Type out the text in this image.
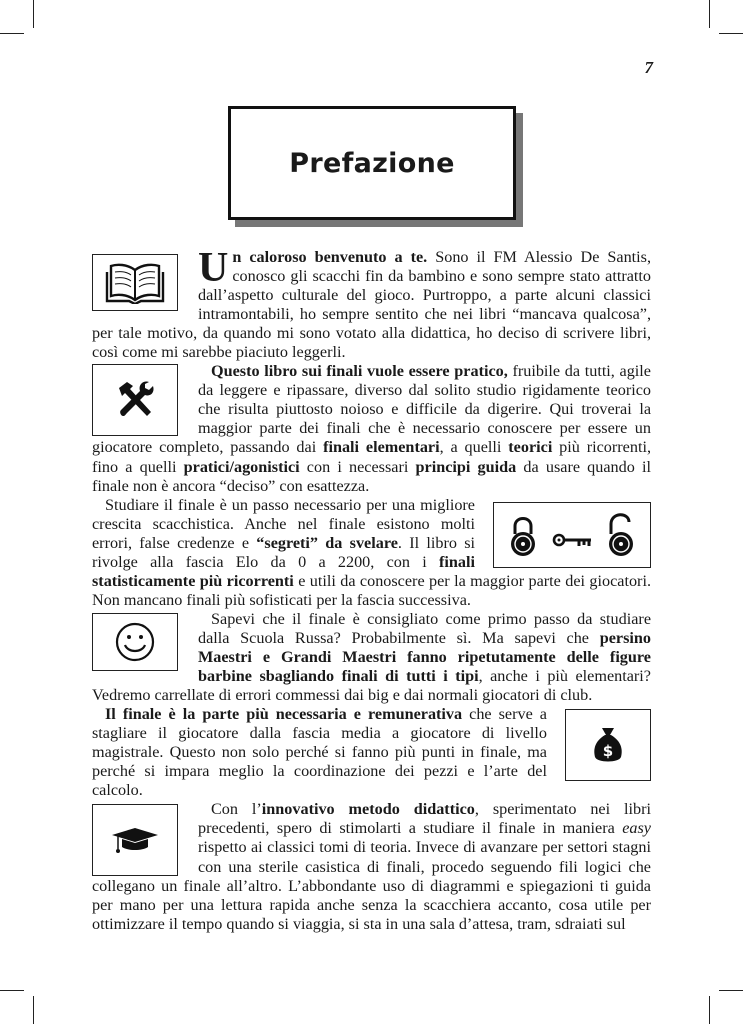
7
Prefazione

Un caloroso benvenuto a te. Sono il FM Alessio De Santis, conosco gli scacchi fin da bambino e sono sempre stato attratto dall’aspetto culturale del gioco. Purtroppo, a parte alcuni classici intramontabili, ho sempre sentito che nei libri “mancava qualcosa”, per tale motivo, da quando mi sono votato alla didattica, ho deciso di scrivere libri, così come mi sarebbe piaciuto leggerli.

Questo libro sui finali vuole essere pratico, fruibile da tutti, agile da leggere e ripassare, diverso dal solito studio rigidamente teorico che risulta piuttosto noioso e difficile da digerire. Qui troverai la maggior parte dei finali che è necessario conoscere per essere un giocatore completo, passando dai finali elementari, a quelli teorici più ricorrenti, fino a quelli pratici/agonistici con i necessari principi guida da usare quando il finale non è ancora “deciso” con esattezza.

Studiare il finale è un passo necessario per una migliore crescita scacchistica. Anche nel finale esistono molti errori, false credenze e “segreti” da svelare. Il libro si rivolge alla fascia Elo da 0 a 2200, con i finali statisticamente più ricorrenti e utili da conoscere per la maggior parte dei giocatori. Non mancano finali più sofisticati per la fascia successiva.

Sapevi che il finale è consigliato come primo passo da studiare dalla Scuola Russa? Probabilmente sì. Ma sapevi che persino Maestri e Grandi Maestri fanno ripetutamente delle figure barbine sbagliando finali di tutti i tipi, anche i più elementari? Vedremo carrellate di errori commessi dai big e dai normali giocatori di club.

$

Il finale è la parte più necessaria e remunerativa che serve a stagliare il giocatore dalla fascia media a giocatore di livello magistrale. Questo non solo perché si fanno più punti in finale, ma perché si impara meglio la coordinazione dei pezzi e l’arte del calcolo.

Con l’innovativo metodo didattico, sperimentato nei libri precedenti, spero di stimolarti a studiare il finale in maniera easy rispetto ai classici tomi di teoria. Invece di avanzare per settori stagni con una sterile casistica di finali, procedo seguendo fili logici che collegano un finale all’altro. L’abbondante uso di diagrammi e spiegazioni ti guida per mano per una lettura rapida anche senza la scacchiera accanto, cosa utile per ottimizzare il tempo quando si viaggia, si sta in una sala d’attesa, tram, sdraiati sul
